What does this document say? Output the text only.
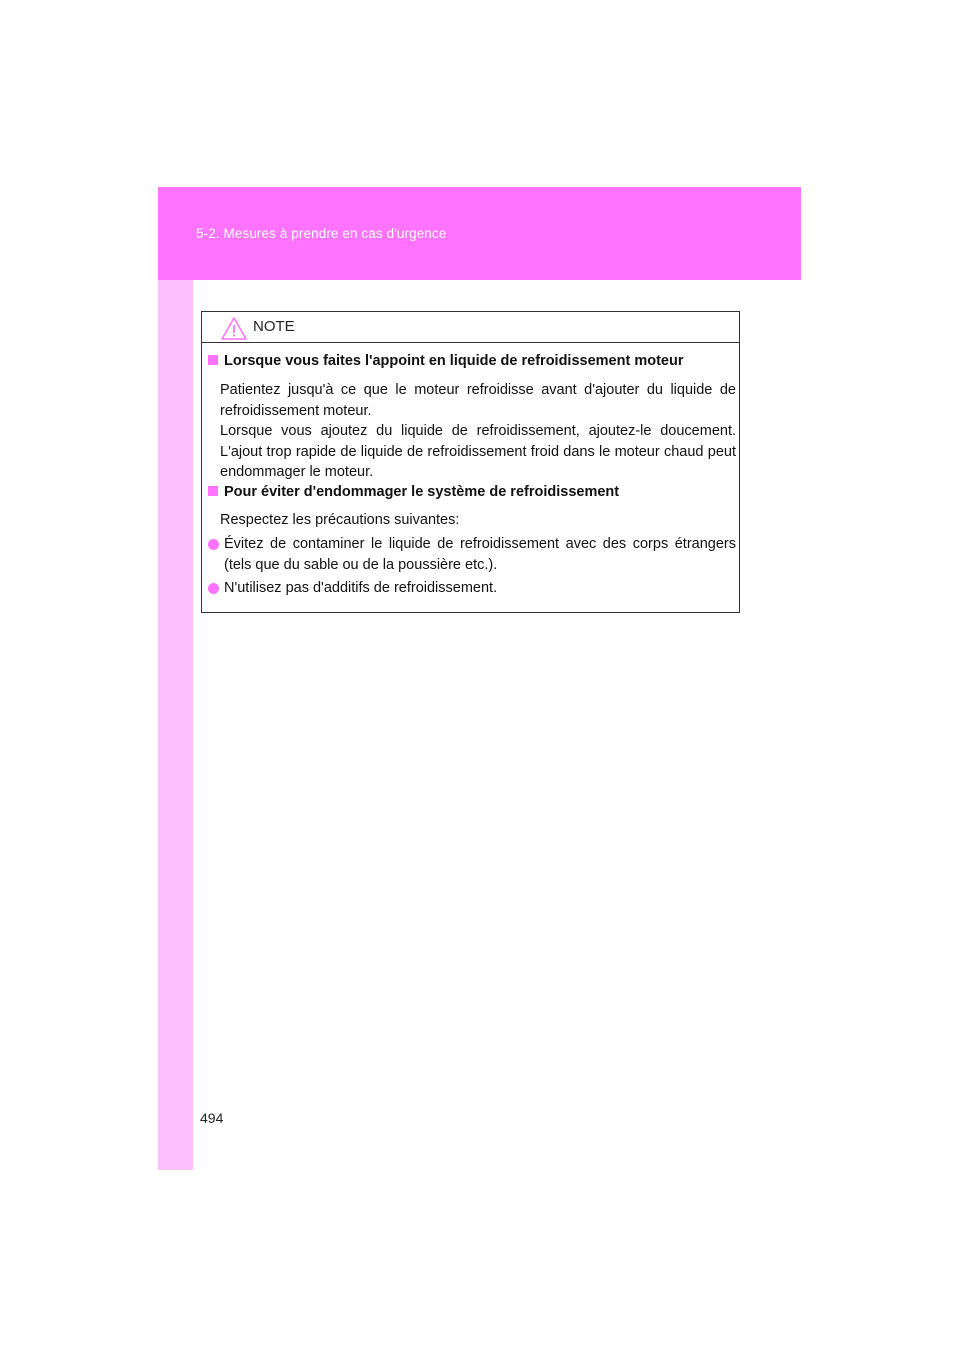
5-2. Mesures à prendre en cas d'urgence
NOTE
Lorsque vous faites l'appoint en liquide de refroidissement moteur
Patientez jusqu'à ce que le moteur refroidisse avant d'ajouter du liquide de refroidissement moteur.
Lorsque vous ajoutez du liquide de refroidissement, ajoutez-le doucement. L'ajout trop rapide de liquide de refroidissement froid dans le moteur chaud peut endommager le moteur.
Pour éviter d'endommager le système de refroidissement
Respectez les précautions suivantes:
Évitez de contaminer le liquide de refroidissement avec des corps étrangers (tels que du sable ou de la poussière etc.).
N'utilisez pas d'additifs de refroidissement.
494
